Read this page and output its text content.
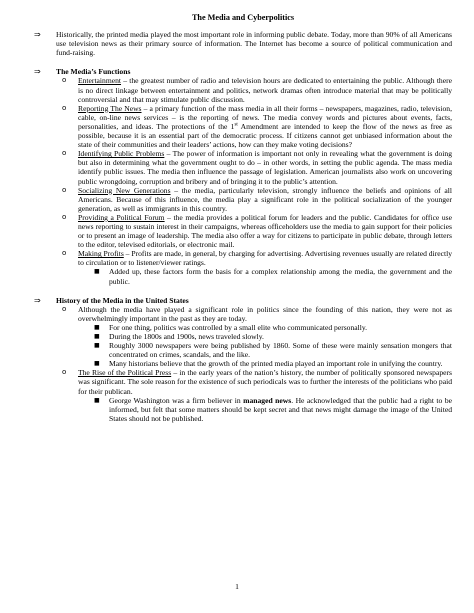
The Media and Cyberpolitics
⇒	Historically, the printed media played the most important role in informing public debate. Today, more than 90% of all Americans use television news as their primary source of information. The Internet has become a source of political communication and fund-raising.
⇒	The Media’s Functions
o	Entertainment – the greatest number of radio and television hours are dedicated to entertaining the public. Although there is no direct linkage between entertainment and politics, network dramas often introduce material that may be politically controversial and that may stimulate public discussion.
o	Reporting The News – a primary function of the mass media in all their forms – newspapers, magazines, radio, television, cable, on-line news services – is the reporting of news. The media convey words and pictures about events, facts, personalities, and ideas. The protections of the 1st Amendment are intended to keep the flow of the news as free as possible, because it is an essential part of the democratic process. If citizens cannot get unbiased information about the state of their communities and their leaders’ actions, how can they make voting decisions?
o	Identifying Public Problems – The power of information is important not only in revealing what the government is doing but also in determining what the government ought to do – in other words, in setting the public agenda. The mass media identify public issues. The media then influence the passage of legislation. American journalists also work on uncovering public wrongdoing, corruption and bribery and of bringing it to the public’s attention.
o	Socializing New Generations – the media, particularly television, strongly influence the beliefs and opinions of all Americans. Because of this influence, the media play a significant role in the political socialization of the younger generation, as well as immigrants in this country.
o	Providing a Political Forum – the media provides a political forum for leaders and the public. Candidates for office use news reporting to sustain interest in their campaigns, whereas officeholders use the media to gain support for their policies or to present an image of leadership. The media also offer a way for citizens to participate in public debate, through letters to the editor, televised editorials, or electronic mail.
o	Making Profits – Profits are made, in general, by charging for advertising. Advertising revenues usually are related directly to circulation or to listener/viewer ratings.
■	Added up, these factors form the basis for a complex relationship among the media, the government and the public.
⇒	History of the Media in the United States
o	Although the media have played a significant role in politics since the founding of this nation, they were not as overwhelmingly important in the past as they are today.
■	For one thing, politics was controlled by a small elite who communicated personally.
■	During the 1800s and 1900s, news traveled slowly.
■	Roughly 3000 newspapers were being published by 1860. Some of these were mainly sensation mongers that concentrated on crimes, scandals, and the like.
■	Many historians believe that the growth of the printed media played an important role in unifying the country.
o	The Rise of the Political Press – in the early years of the nation’s history, the number of politically sponsored newspapers was significant. The sole reason for the existence of such periodicals was to further the interests of the politicians who paid for their publican.
■	George Washington was a firm believer in managed news. He acknowledged that the public had a right to be informed, but felt that some matters should be kept secret and that news might damage the image of the United States should not be published.
1
